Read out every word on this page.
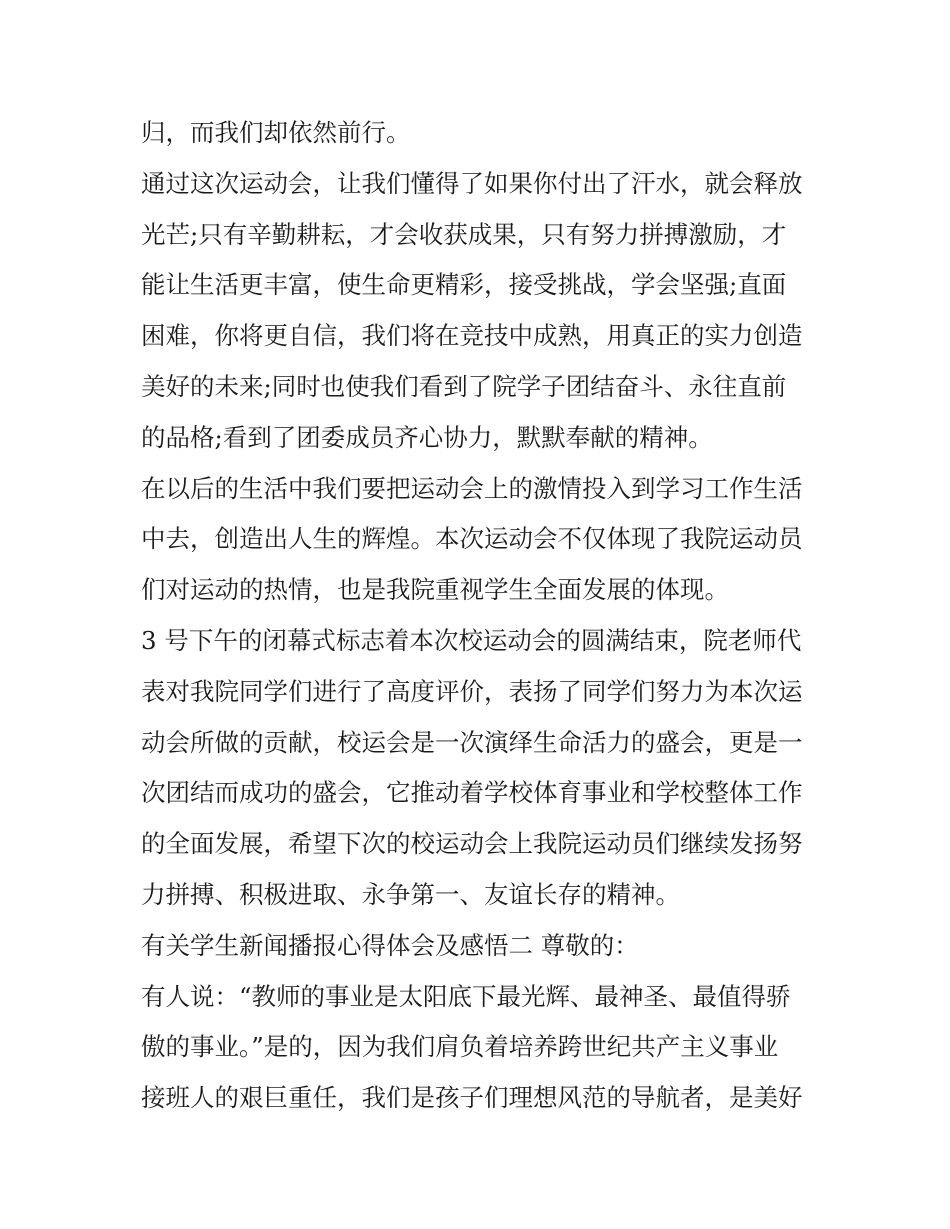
归，而我们却依然前行。

通过这次运动会，让我们懂得了如果你付出了汗水，就会释放

光芒;只有辛勤耕耘，才会收获成果，只有努力拼搏激励，才

能让生活更丰富，使生命更精彩，接受挑战，学会坚强;直面

困难，你将更自信，我们将在竞技中成熟，用真正的实力创造

美好的未来;同时也使我们看到了院学子团结奋斗、永往直前

的品格;看到了团委成员齐心协力，默默奉献的精神。

在以后的生活中我们要把运动会上的激情投入到学习工作生活

中去，创造出人生的辉煌。本次运动会不仅体现了我院运动员

们对运动的热情，也是我院重视学生全面发展的体现。

3 号下午的闭幕式标志着本次校运动会的圆满结束，院老师代

表对我院同学们进行了高度评价，表扬了同学们努力为本次运

动会所做的贡献，校运会是一次演绎生命活力的盛会，更是一

次团结而成功的盛会，它推动着学校体育事业和学校整体工作

的全面发展，希望下次的校运动会上我院运动员们继续发扬努

力拼搏、积极进取、永争第一、友谊长存的精神。

有关学生新闻播报心得体会及感悟二 尊敬的：

有人说：“教师的事业是太阳底下最光辉、最神圣、最值得骄

傲的事业。”是的，因为我们肩负着培养跨世纪共产主义事业

接班人的艰巨重任，我们是孩子们理想风范的导航者，是美好
